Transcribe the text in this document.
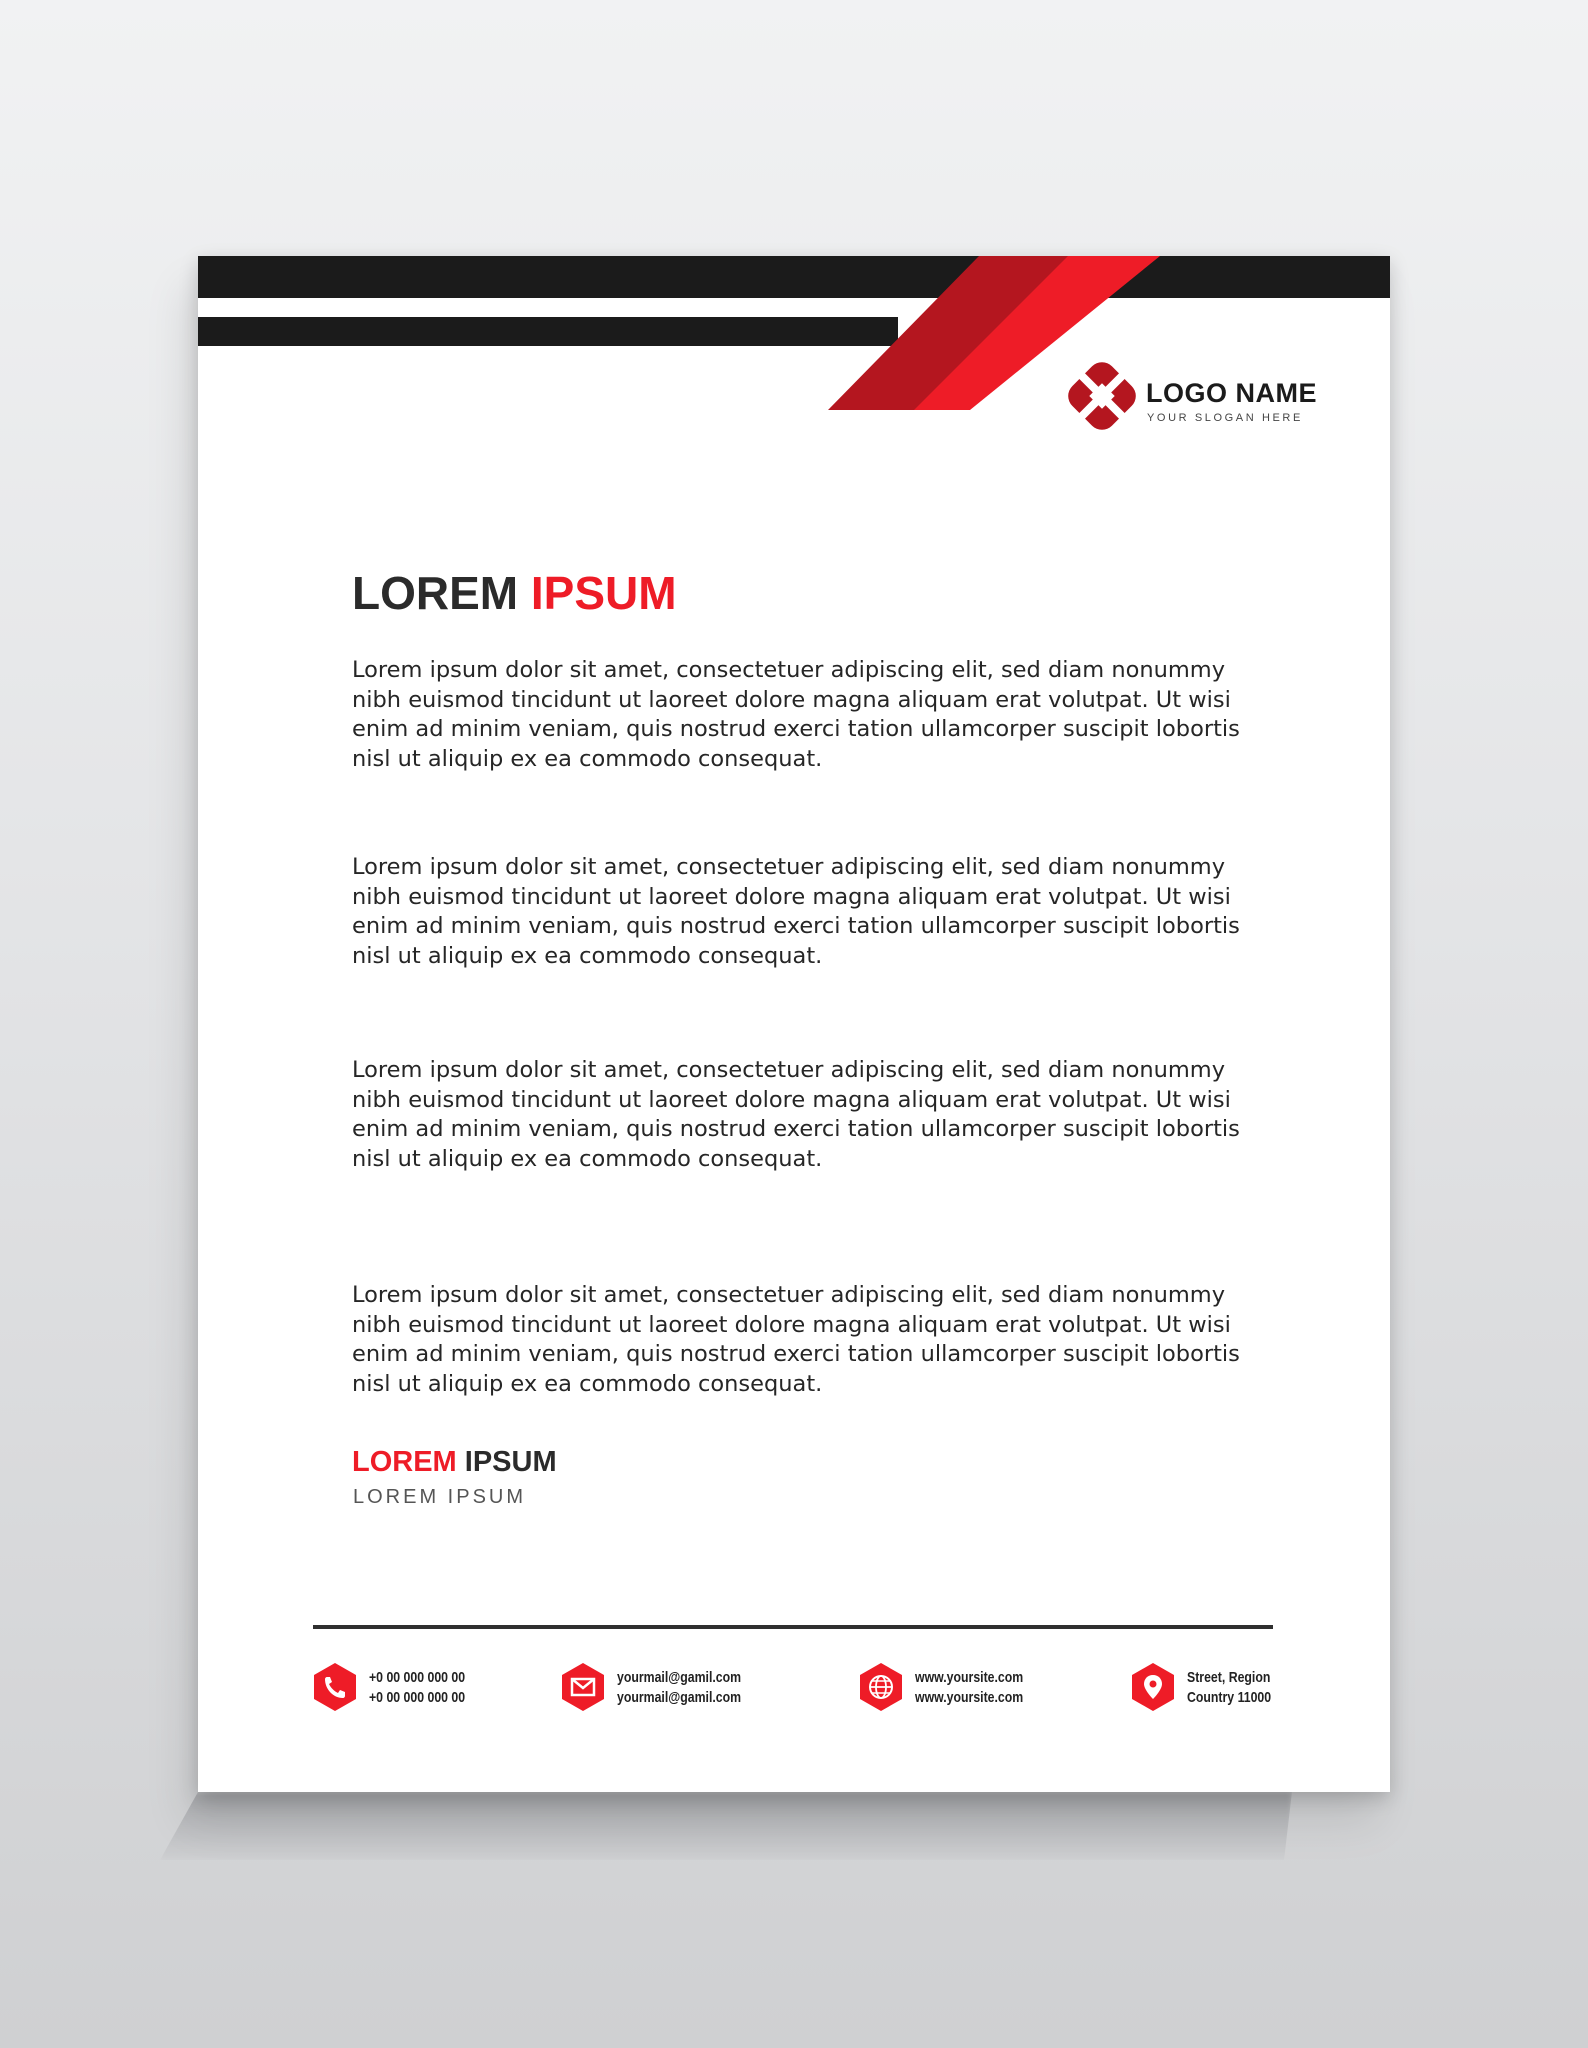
LOGO NAME
YOUR SLOGAN HERE
LOREM IPSUM

Lorem ipsum dolor sit amet, consectetuer adipiscing elit, sed diam nonummy nibh euismod tincidunt ut laoreet dolore magna aliquam erat volutpat. Ut wisi enim ad minim veniam, quis nostrud exerci tation ullamcorper suscipit lobortis nisl ut aliquip ex ea commodo consequat.

Lorem ipsum dolor sit amet, consectetuer adipiscing elit, sed diam nonummy nibh euismod tincidunt ut laoreet dolore magna aliquam erat volutpat. Ut wisi enim ad minim veniam, quis nostrud exerci tation ullamcorper suscipit lobortis nisl ut aliquip ex ea commodo consequat.

Lorem ipsum dolor sit amet, consectetuer adipiscing elit, sed diam nonummy nibh euismod tincidunt ut laoreet dolore magna aliquam erat volutpat. Ut wisi enim ad minim veniam, quis nostrud exerci tation ullamcorper suscipit lobortis nisl ut aliquip ex ea commodo consequat.

Lorem ipsum dolor sit amet, consectetuer adipiscing elit, sed diam nonummy nibh euismod tincidunt ut laoreet dolore magna aliquam erat volutpat. Ut wisi enim ad minim veniam, quis nostrud exerci tation ullamcorper suscipit lobortis nisl ut aliquip ex ea commodo consequat.

LOREM IPSUM
LOREM IPSUM
+0 00 000 000 00
+0 00 000 000 00
yourmail@gamil.com
yourmail@gamil.com
www.yoursite.com
www.yoursite.com
Street, Region
Country 11000
